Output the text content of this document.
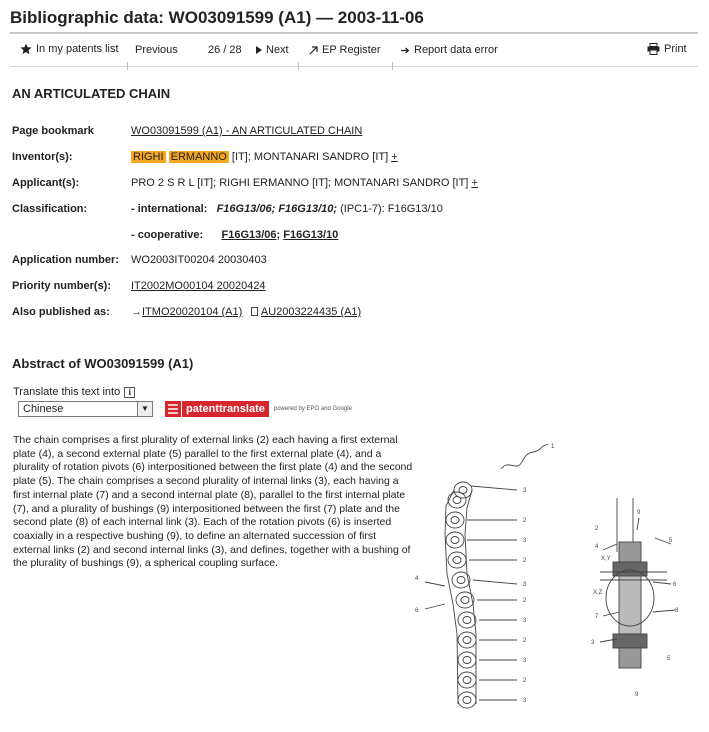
Bibliographic data: WO03091599 (A1) — 2003-11-06
In my patents list Previous	26 / 28 Next	EP Register	Report data error	Print
AN ARTICULATED CHAIN
Page bookmark	WO03091599 (A1) - AN ARTICULATED CHAIN
Inventor(s):	RIGHI ERMANNO [IT]; MONTANARI SANDRO [IT] +
Applicant(s):	PRO 2 S R L [IT]; RIGHI ERMANNO [IT]; MONTANARI SANDRO [IT] +
Classification:	- international: F16G13/06; F16G13/10; (IPC1-7): F16G13/10
- cooperative: F16G13/06; F16G13/10
Application number: WO2003IT00204 20030403
Priority number(s): IT2002MO00104 20020424
Also published as: →ITMO20020104 (A1) AU2003224435 (A1)
Abstract of WO03091599 (A1)
Translate this text into i
Chinese	▼	patenttranslate	powered by EPO and Google
The chain comprises a first plurality of external links (2) each having a first external plate (4), a second external plate (5) parallel to the first external plate (4), and a plurality of rotation pivots (6) interpositioned between the first plate (4) and the second plate (5). The chain comprises a second plurality of internal links (3), each having a first internal plate (7) and a second internal plate (8), parallel to the first internal plate (7), and a plurality of bushings (9) interpositioned between the first (7) plate and the second plate (8) of each internal link (3). Each of the rotation pivots (6) is inserted coaxially in a respective bushing (9), to define an alternated succession of first external links (2) and second internal links (3), and defines, together with a bushing of the plurality of bushings (9), a spherical coupling surface.
1
3
2
3
2
3
2
3
2
3
2
3
4
6
9
2
4
5
6
X,Y
X,Z
7
8
3
5
9
